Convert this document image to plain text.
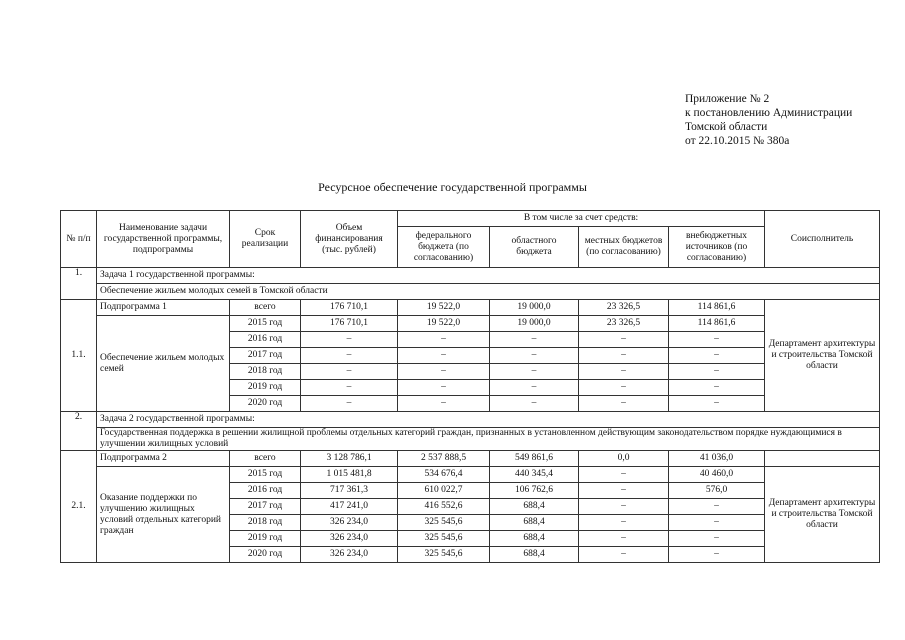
Приложение № 2
к постановлению Администрации
Томской области
от 22.10.2015 № 380а
Ресурсное обеспечение государственной программы
№ п/п	Наименование задачи государственной программы, подпрограммы	Срок реализации	Объем финансирования (тыс. рублей)	В том числе за счет средств:				Соисполнитель
				федерального бюджета (по согласованию)	областного бюджета	местных бюджетов (по согласованию)	внебюджетных источников (по согласованию)	
1.	Задача 1 государственной программы:							
	Обеспечение жильем молодых семей в Томской области							
1.1.	Подпрограмма 1	всего	176 710,1	19 522,0	19 000,0	23 326,5	114 861,6	Департамент архитектуры и строительства Томской области
	Обеспечение жильем молодых семей	2015 год	176 710,1	19 522,0	19 000,0	23 326,5	114 861,6	
		2016 год	–	–	–	–	–	
		2017 год	–	–	–	–	–	
		2018 год	–	–	–	–	–	
		2019 год	–	–	–	–	–	
		2020 год	–	–	–	–	–	
2.	Задача 2 государственной программы:							
	Государственная поддержка в решении жилищной проблемы отдельных категорий граждан, признанных в установленном действующим законодательством порядке нуждающимися в улучшении жилищных условий							
2.1.	Подпрограмма 2	всего	3 128 786,1	2 537 888,5	549 861,6	0,0	41 036,0	
	Оказание поддержки по улучшению жилищных условий отдельных категорий граждан	2015 год	1 015 481,8	534 676,4	440 345,4	–	40 460,0	Департамент архитектуры и строительства Томской области
		2016 год	717 361,3	610 022,7	106 762,6	–	576,0	
		2017 год	417 241,0	416 552,6	688,4	–	–	
		2018 год	326 234,0	325 545,6	688,4	–	–	
		2019 год	326 234,0	325 545,6	688,4	–	–	
		2020 год	326 234,0	325 545,6	688,4	–	–	
